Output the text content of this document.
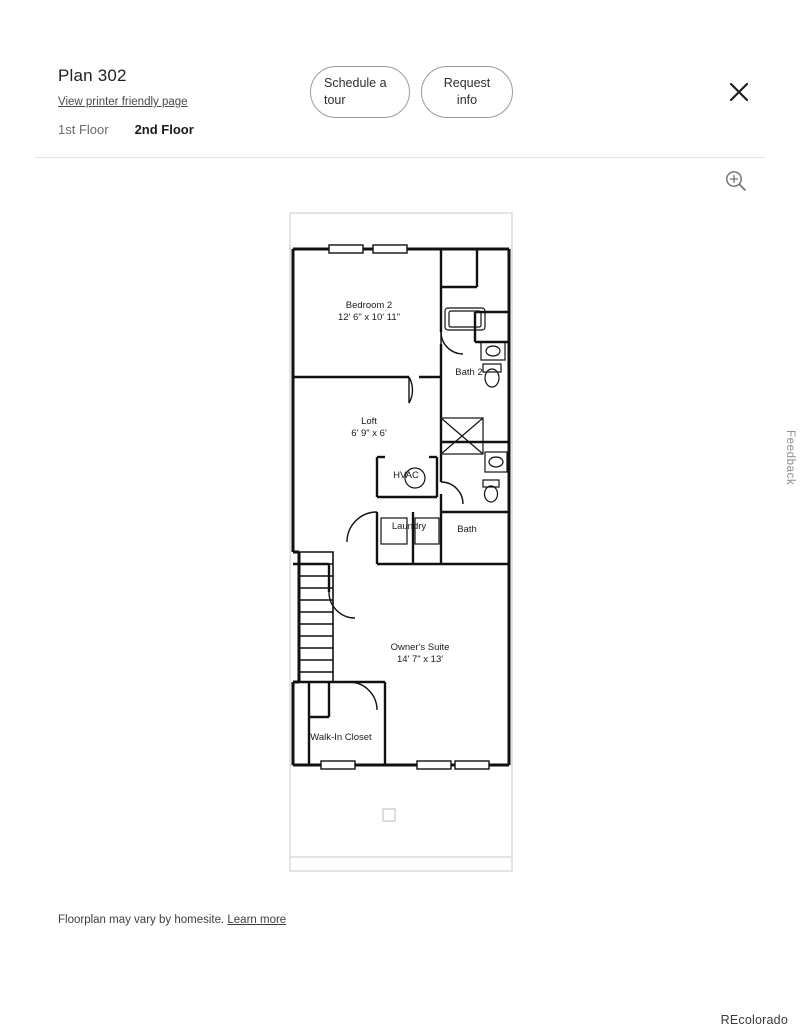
Plan 302
View printer friendly page
1st Floor 2nd Floor
Schedule a tour
Request info
Feedback
Bedroom 2
12' 6" x 10' 11"
Bath 2
Loft
6' 9" x 6'
HVAC
Laundry	Bath
Owner's Suite
14' 7" x 13'
Walk-In Closet
Floorplan may vary by homesite. Learn more
REcolorado
